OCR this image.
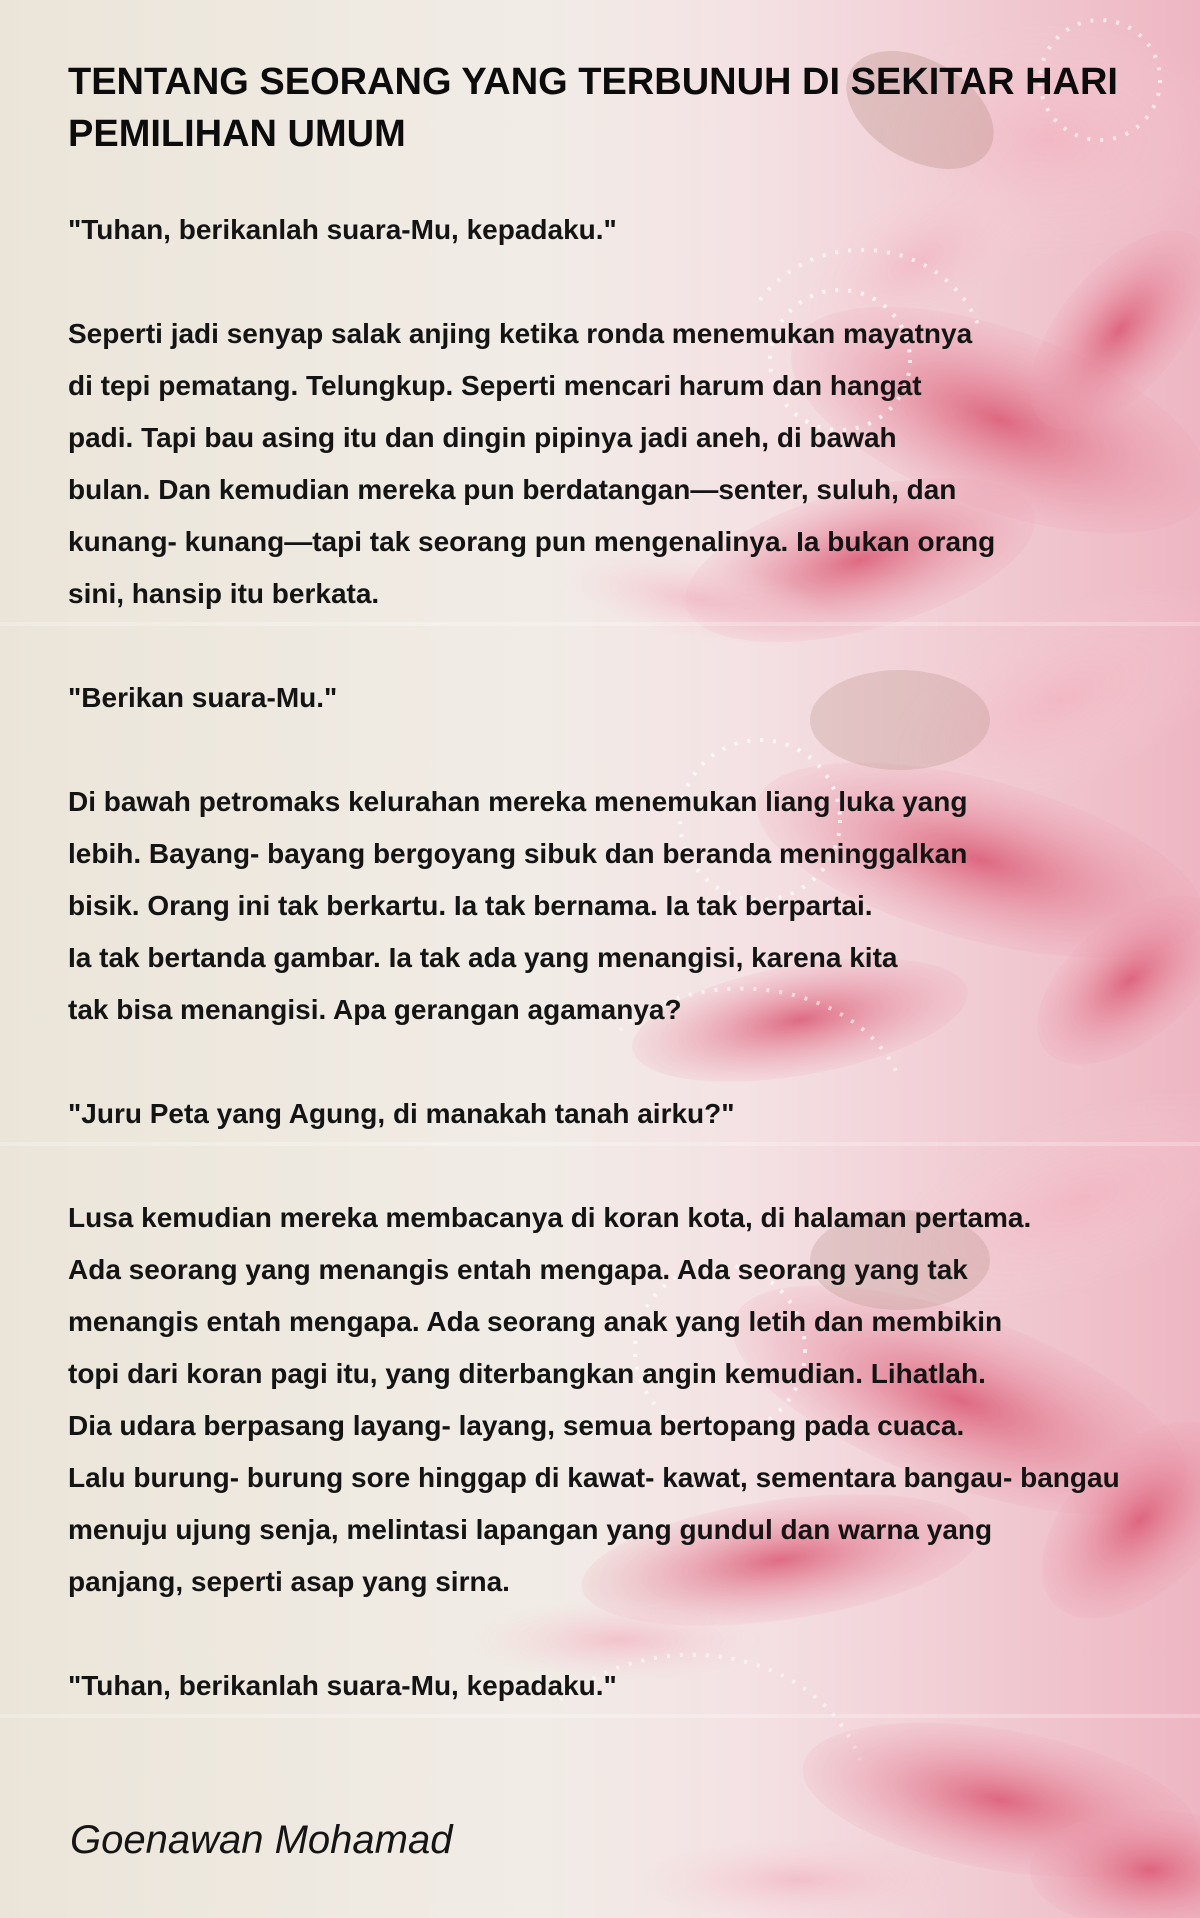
TENTANG SEORANG YANG TERBUNUH DI SEKITAR HARI
PEMILIHAN UMUM
"Tuhan, berikanlah suara-Mu, kepadaku."
Seperti jadi senyap salak anjing ketika ronda menemukan mayatnya
di tepi pematang. Telungkup. Seperti mencari harum dan hangat
padi. Tapi bau asing itu dan dingin pipinya jadi aneh, di bawah
bulan. Dan kemudian mereka pun berdatangan—senter, suluh, dan
kunang- kunang—tapi tak seorang pun mengenalinya. Ia bukan orang
sini, hansip itu berkata.
"Berikan suara-Mu."
Di bawah petromaks kelurahan mereka menemukan liang luka yang
lebih. Bayang- bayang bergoyang sibuk dan beranda meninggalkan
bisik. Orang ini tak berkartu. Ia tak bernama. Ia tak berpartai.
Ia tak bertanda gambar. Ia tak ada yang menangisi, karena kita
tak bisa menangisi. Apa gerangan agamanya?
"Juru Peta yang Agung, di manakah tanah airku?"
Lusa kemudian mereka membacanya di koran kota, di halaman pertama.
Ada seorang yang menangis entah mengapa. Ada seorang yang tak
menangis entah mengapa. Ada seorang anak yang letih dan membikin
topi dari koran pagi itu, yang diterbangkan angin kemudian. Lihatlah.
Dia udara berpasang layang- layang, semua bertopang pada cuaca.
Lalu burung- burung sore hinggap di kawat- kawat, sementara bangau- bangau
menuju ujung senja, melintasi lapangan yang gundul dan warna yang
panjang, seperti asap yang sirna.
"Tuhan, berikanlah suara-Mu, kepadaku."
Goenawan Mohamad
